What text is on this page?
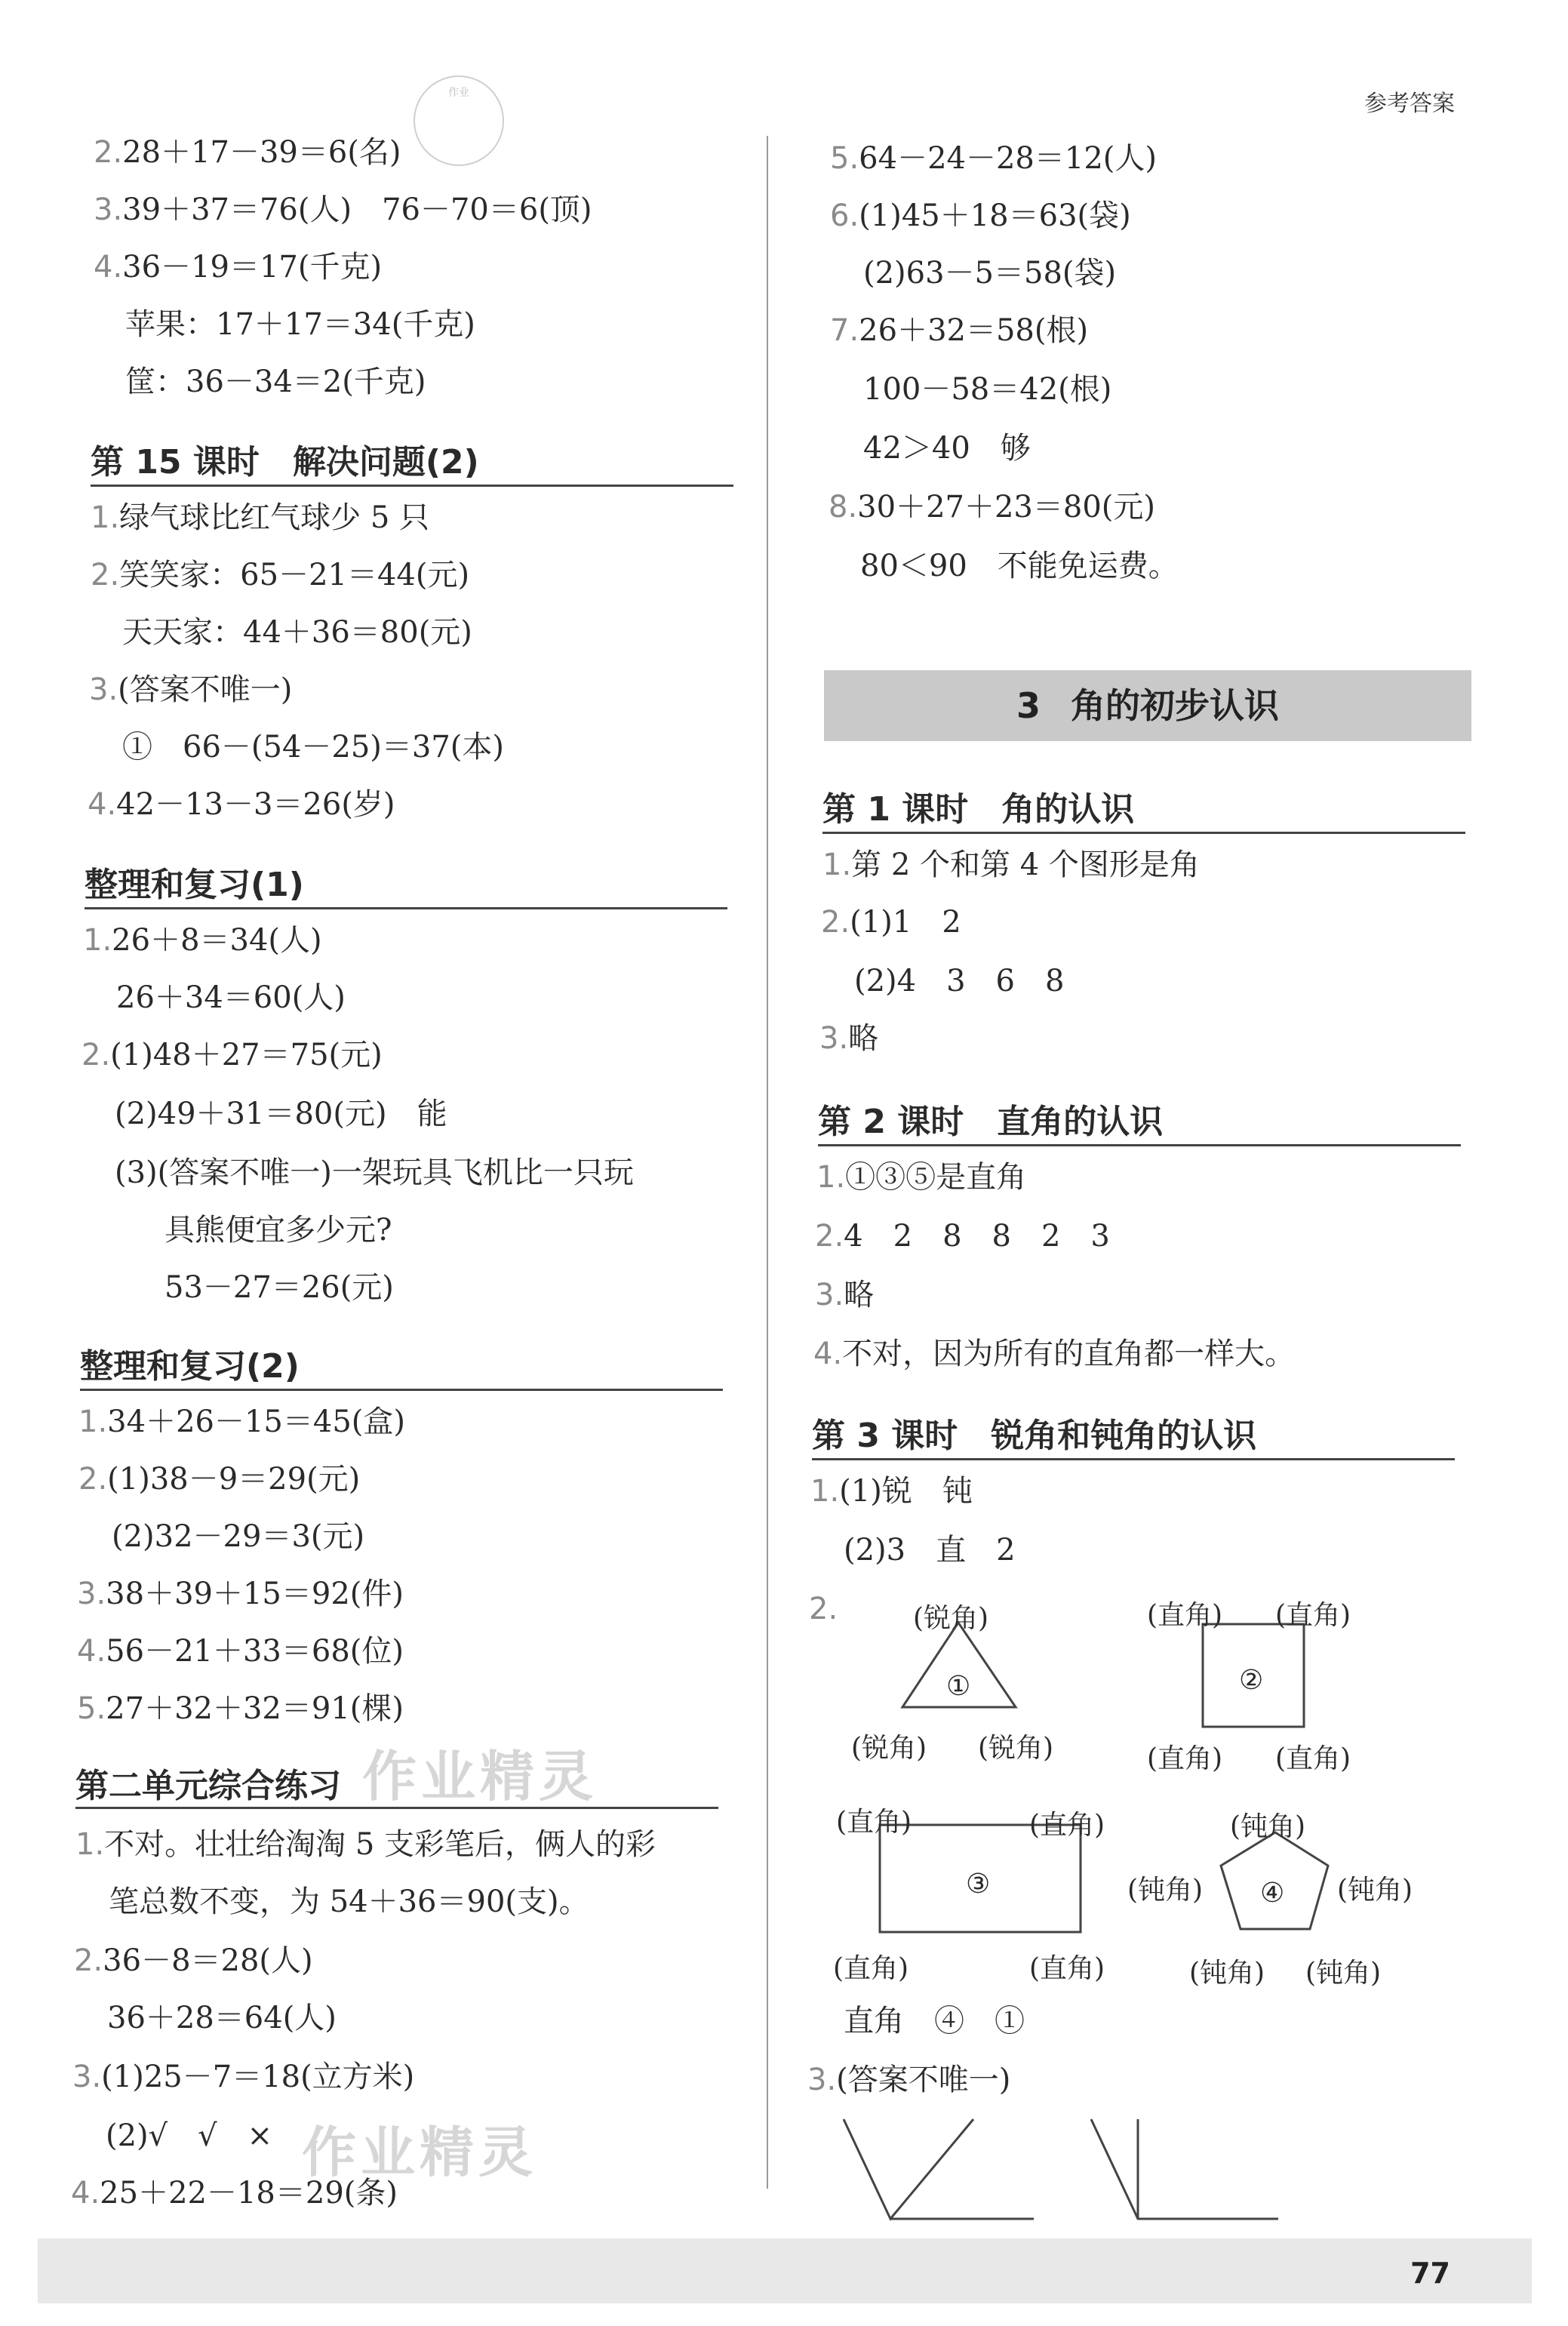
参考答案
作业
2.28＋17－39＝6(名)
3.39＋37＝76(人)　76－70＝6(顶)
4.36－19＝17(千克)
苹果：17＋17＝34(千克)
筐：36－34＝2(千克)
第 15 课时　解决问题(2)
1.绿气球比红气球少 5 只
2.笑笑家：65－21＝44(元)
天天家：44＋36＝80(元)
3.(答案不唯一)
①　66－(54－25)＝37(本)
4.42－13－3＝26(岁)
整理和复习(1)
1.26＋8＝34(人)
26＋34＝60(人)
2.(1)48＋27＝75(元)
(2)49＋31＝80(元)　能
(3)(答案不唯一)一架玩具飞机比一只玩
具熊便宜多少元?
53－27＝26(元)
整理和复习(2)
1.34＋26－15＝45(盒)
2.(1)38－9＝29(元)
(2)32－29＝3(元)
3.38＋39＋15＝92(件)
4.56－21＋33＝68(位)
5.27＋32＋32＝91(棵)
作业精灵
第二单元综合练习
1.不对。壮壮给淘淘 5 支彩笔后，俩人的彩
笔总数不变，为 54＋36＝90(支)。
2.36－8＝28(人)
36＋28＝64(人)
3.(1)25－7＝18(立方米)
(2)√　√　× 作业精灵
4.25＋22－18＝29(条)
5.64－24－28＝12(人)
6.(1)45＋18＝63(袋)
(2)63－5＝58(袋)
7.26＋32＝58(根)
100－58＝42(根)
42＞40　够
8.30＋27＋23＝80(元)
80＜90　不能免运费。
3 角的初步认识
第 1 课时　角的认识
1.第 2 个和第 4 个图形是角
2.(1)1　2
(2)4　3　6　8
3.略
第 2 课时　直角的认识
1.①③⑤是直角
2.4　2　8　8　2　3
3.略
4.不对，因为所有的直角都一样大。
第 3 课时　锐角和钝角的认识
1.(1)锐　钝
(2)3　直　2
2.	(锐角)
①
(锐角) (锐角)
(直角) (直角)
②
(直角) (直角)
(直角)	(直角)
③
(直角)	(直角)
(钝角)
(钝角)	(钝角)
④
(钝角) (钝角)
直角　④　①
3.(答案不唯一)
77
